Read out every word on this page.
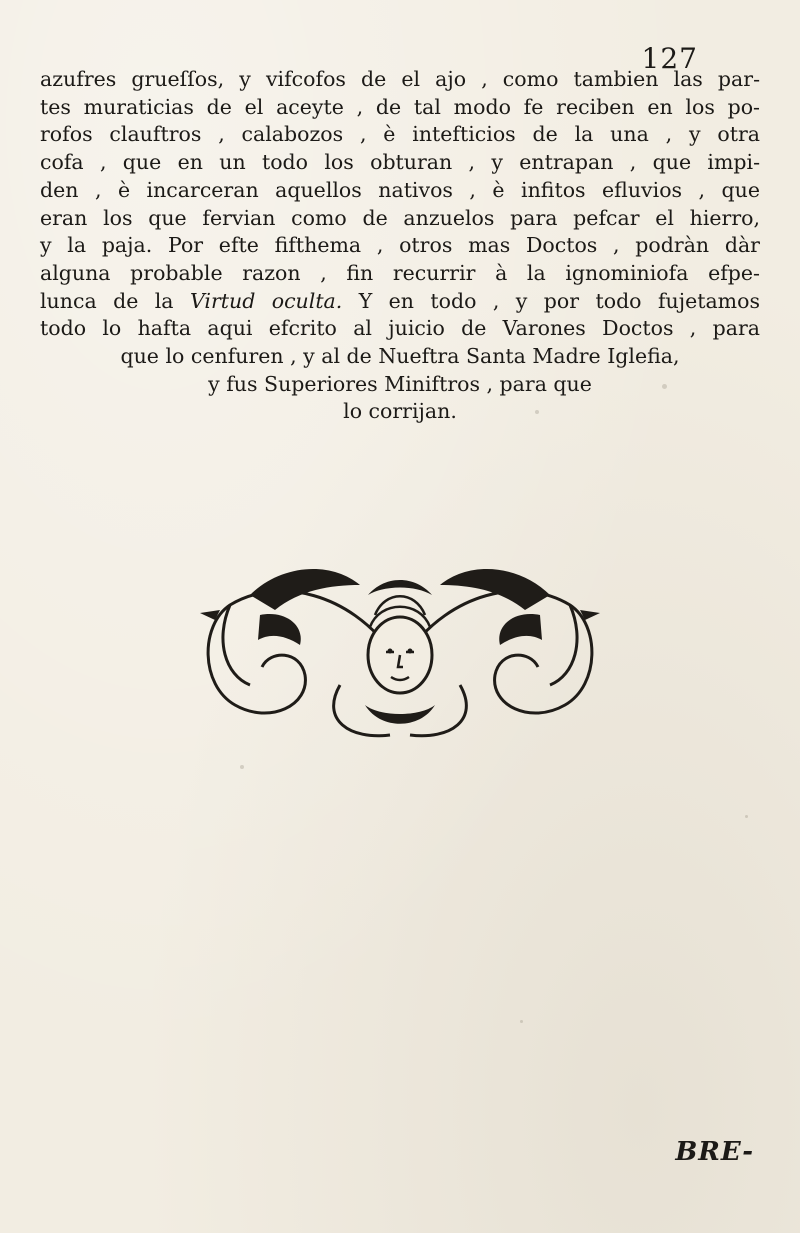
127
azufres grueſſos, y vifcofos de el ajo , como tambien las par-
tes muraticias de el aceyte , de tal modo fe reciben en los po-
rofos clauftros , calabozos , è intefticios de la una , y otra
cofa , que en un todo los obturan , y entrapan , que impi-
den , è incarceran aquellos nativos , è infitos efluvios , que
eran los que fervian como de anzuelos para pefcar el hierro,
y la paja. Por efte fifthema , otros mas Doctos , podràn dàr
alguna probable razon , fin recurrir à la ignominiofa efpe-
lunca de la Virtud oculta. Y en todo , y por todo fujetamos
todo lo hafta aqui efcrito al juicio de Varones Doctos , para
que lo cenfuren , y al de Nueftra Santa Madre Iglefia,
y fus Superiores Miniftros , para que
lo corrijan.
BRE-
